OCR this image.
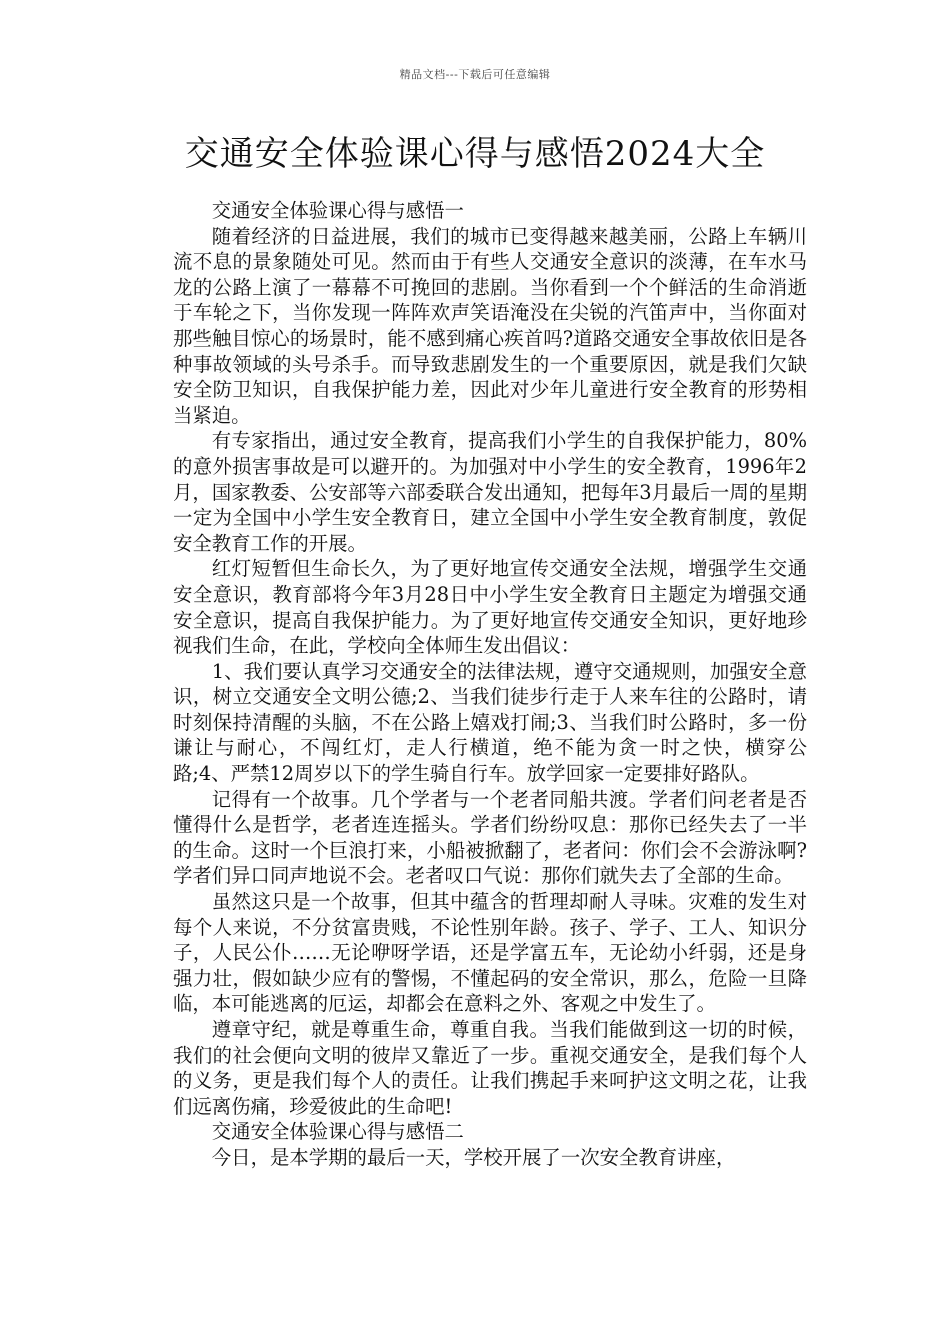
精品文档---下载后可任意编辑
交通安全体验课心得与感悟2024大全

交通安全体验课心得与感悟一

随着经济的日益进展，我们的城市已变得越来越美丽，公路上车辆川流不息的景象随处可见。然而由于有些人交通安全意识的淡薄，在车水马龙的公路上演了一幕幕不可挽回的悲剧。当你看到一个个鲜活的生命消逝于车轮之下，当你发现一阵阵欢声笑语淹没在尖锐的汽笛声中，当你面对那些触目惊心的场景时，能不感到痛心疾首吗?道路交通安全事故依旧是各种事故领域的头号杀手。而导致悲剧发生的一个重要原因，就是我们欠缺安全防卫知识，自我保护能力差，因此对少年儿童进行安全教育的形势相当紧迫。

有专家指出，通过安全教育，提高我们小学生的自我保护能力，80%的意外损害事故是可以避开的。为加强对中小学生的安全教育，1996年2月，国家教委、公安部等六部委联合发出通知，把每年3月最后一周的星期一定为全国中小学生安全教育日，建立全国中小学生安全教育制度，敦促安全教育工作的开展。

红灯短暂但生命长久，为了更好地宣传交通安全法规，增强学生交通安全意识，教育部将今年3月28日中小学生安全教育日主题定为增强交通安全意识，提高自我保护能力。为了更好地宣传交通安全知识，更好地珍视我们生命，在此，学校向全体师生发出倡议：

1、我们要认真学习交通安全的法律法规，遵守交通规则，加强安全意识，树立交通安全文明公德;2、当我们徒步行走于人来车往的公路时，请时刻保持清醒的头脑，不在公路上嬉戏打闹;3、当我们时公路时，多一份谦让与耐心，不闯红灯，走人行横道，绝不能为贪一时之快，横穿公路;4、严禁12周岁以下的学生骑自行车。放学回家一定要排好路队。

记得有一个故事。几个学者与一个老者同船共渡。学者们问老者是否懂得什么是哲学，老者连连摇头。学者们纷纷叹息：那你已经失去了一半的生命。这时一个巨浪打来，小船被掀翻了，老者问：你们会不会游泳啊?学者们异口同声地说不会。老者叹口气说：那你们就失去了全部的生命。

虽然这只是一个故事，但其中蕴含的哲理却耐人寻味。灾难的发生对每个人来说，不分贫富贵贱，不论性别年龄。孩子、学子、工人、知识分子，人民公仆……无论咿呀学语，还是学富五车，无论幼小纤弱，还是身强力壮，假如缺少应有的警惕，不懂起码的安全常识，那么，危险一旦降临，本可能逃离的厄运，却都会在意料之外、客观之中发生了。

遵章守纪，就是尊重生命，尊重自我。当我们能做到这一切的时候，我们的社会便向文明的彼岸又靠近了一步。重视交通安全，是我们每个人的义务，更是我们每个人的责任。让我们携起手来呵护这文明之花，让我们远离伤痛，珍爱彼此的生命吧!

交通安全体验课心得与感悟二

今日，是本学期的最后一天，学校开展了一次安全教育讲座，
